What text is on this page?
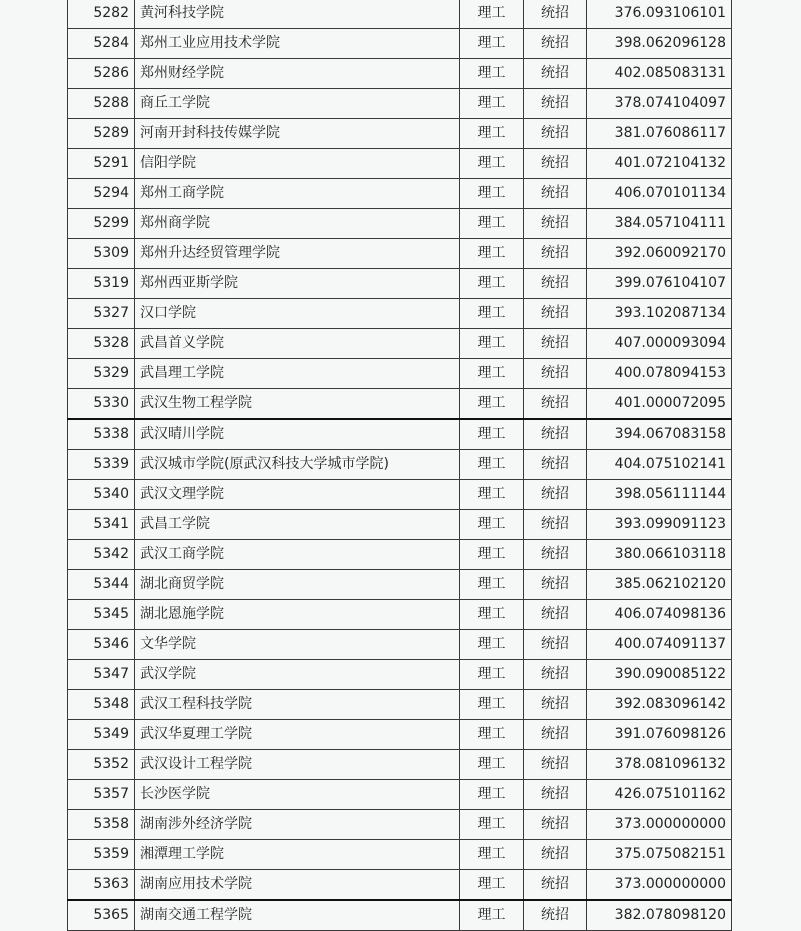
5282	黄河科技学院	理工	统招	376.093106101
5284	郑州工业应用技术学院	理工	统招	398.062096128
5286	郑州财经学院	理工	统招	402.085083131
5288	商丘工学院	理工	统招	378.074104097
5289	河南开封科技传媒学院	理工	统招	381.076086117
5291	信阳学院	理工	统招	401.072104132
5294	郑州工商学院	理工	统招	406.070101134
5299	郑州商学院	理工	统招	384.057104111
5309	郑州升达经贸管理学院	理工	统招	392.060092170
5319	郑州西亚斯学院	理工	统招	399.076104107
5327	汉口学院	理工	统招	393.102087134
5328	武昌首义学院	理工	统招	407.000093094
5329	武昌理工学院	理工	统招	400.078094153
5330	武汉生物工程学院	理工	统招	401.000072095
5338	武汉晴川学院	理工	统招	394.067083158
5339	武汉城市学院(原武汉科技大学城市学院)	理工	统招	404.075102141
5340	武汉文理学院	理工	统招	398.056111144
5341	武昌工学院	理工	统招	393.099091123
5342	武汉工商学院	理工	统招	380.066103118
5344	湖北商贸学院	理工	统招	385.062102120
5345	湖北恩施学院	理工	统招	406.074098136
5346	文华学院	理工	统招	400.074091137
5347	武汉学院	理工	统招	390.090085122
5348	武汉工程科技学院	理工	统招	392.083096142
5349	武汉华夏理工学院	理工	统招	391.076098126
5352	武汉设计工程学院	理工	统招	378.081096132
5357	长沙医学院	理工	统招	426.075101162
5358	湖南涉外经济学院	理工	统招	373.000000000
5359	湘潭理工学院	理工	统招	375.075082151
5363	湖南应用技术学院	理工	统招	373.000000000
5365	湖南交通工程学院	理工	统招	382.078098120
